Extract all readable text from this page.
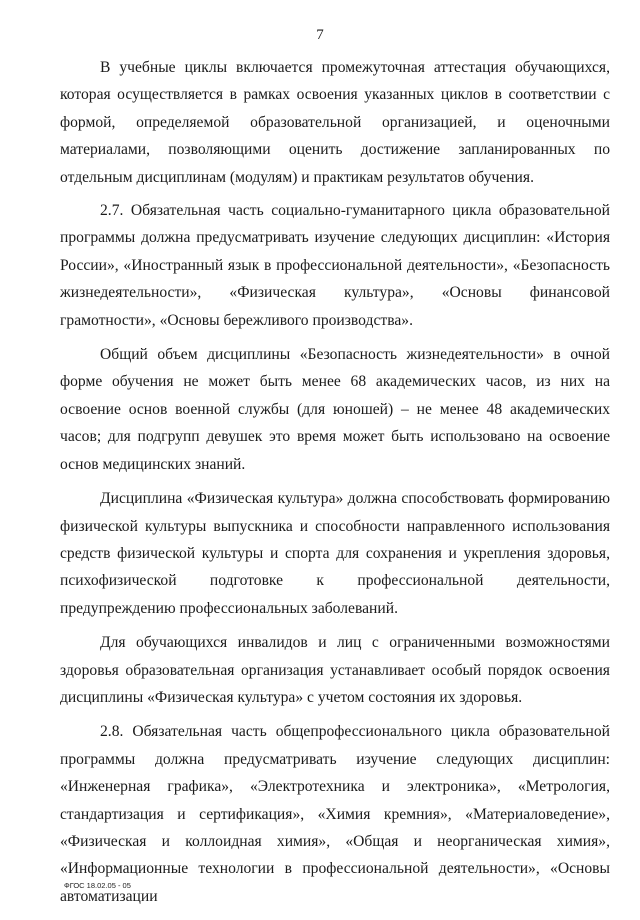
7

В учебные циклы включается промежуточная аттестация обучающихся, которая осуществляется в рамках освоения указанных циклов в соответствии с формой, определяемой образовательной организацией, и оценочными материалами, позволяющими оценить достижение запланированных по отдельным дисциплинам (модулям) и практикам результатов обучения.

2.7. Обязательная часть социально-гуманитарного цикла образовательной программы должна предусматривать изучение следующих дисциплин: «История России», «Иностранный язык в профессиональной деятельности», «Безопасность жизнедеятельности», «Физическая культура», «Основы финансовой грамотности», «Основы бережливого производства».

Общий объем дисциплины «Безопасность жизнедеятельности» в очной форме обучения не может быть менее 68 академических часов, из них на освоение основ военной службы (для юношей) – не менее 48 академических часов; для подгрупп девушек это время может быть использовано на освоение основ медицинских знаний.

Дисциплина «Физическая культура» должна способствовать формированию физической культуры выпускника и способности направленного использования средств физической культуры и спорта для сохранения и укрепления здоровья, психофизической подготовке к профессиональной деятельности, предупреждению профессиональных заболеваний.

Для обучающихся инвалидов и лиц с ограниченными возможностями здоровья образовательная организация устанавливает особый порядок освоения дисциплины «Физическая культура» с учетом состояния их здоровья.

2.8. Обязательная часть общепрофессионального цикла образовательной программы должна предусматривать изучение следующих дисциплин: «Инженерная графика», «Электротехника и электроника», «Метрология, стандартизация и сертификация», «Химия кремния», «Материаловедение», «Физическая и коллоидная химия», «Общая и неорганическая химия», «Информационные технологии в профессиональной деятельности», «Основы автоматизации

ФГОС 18.02.05 - 05
